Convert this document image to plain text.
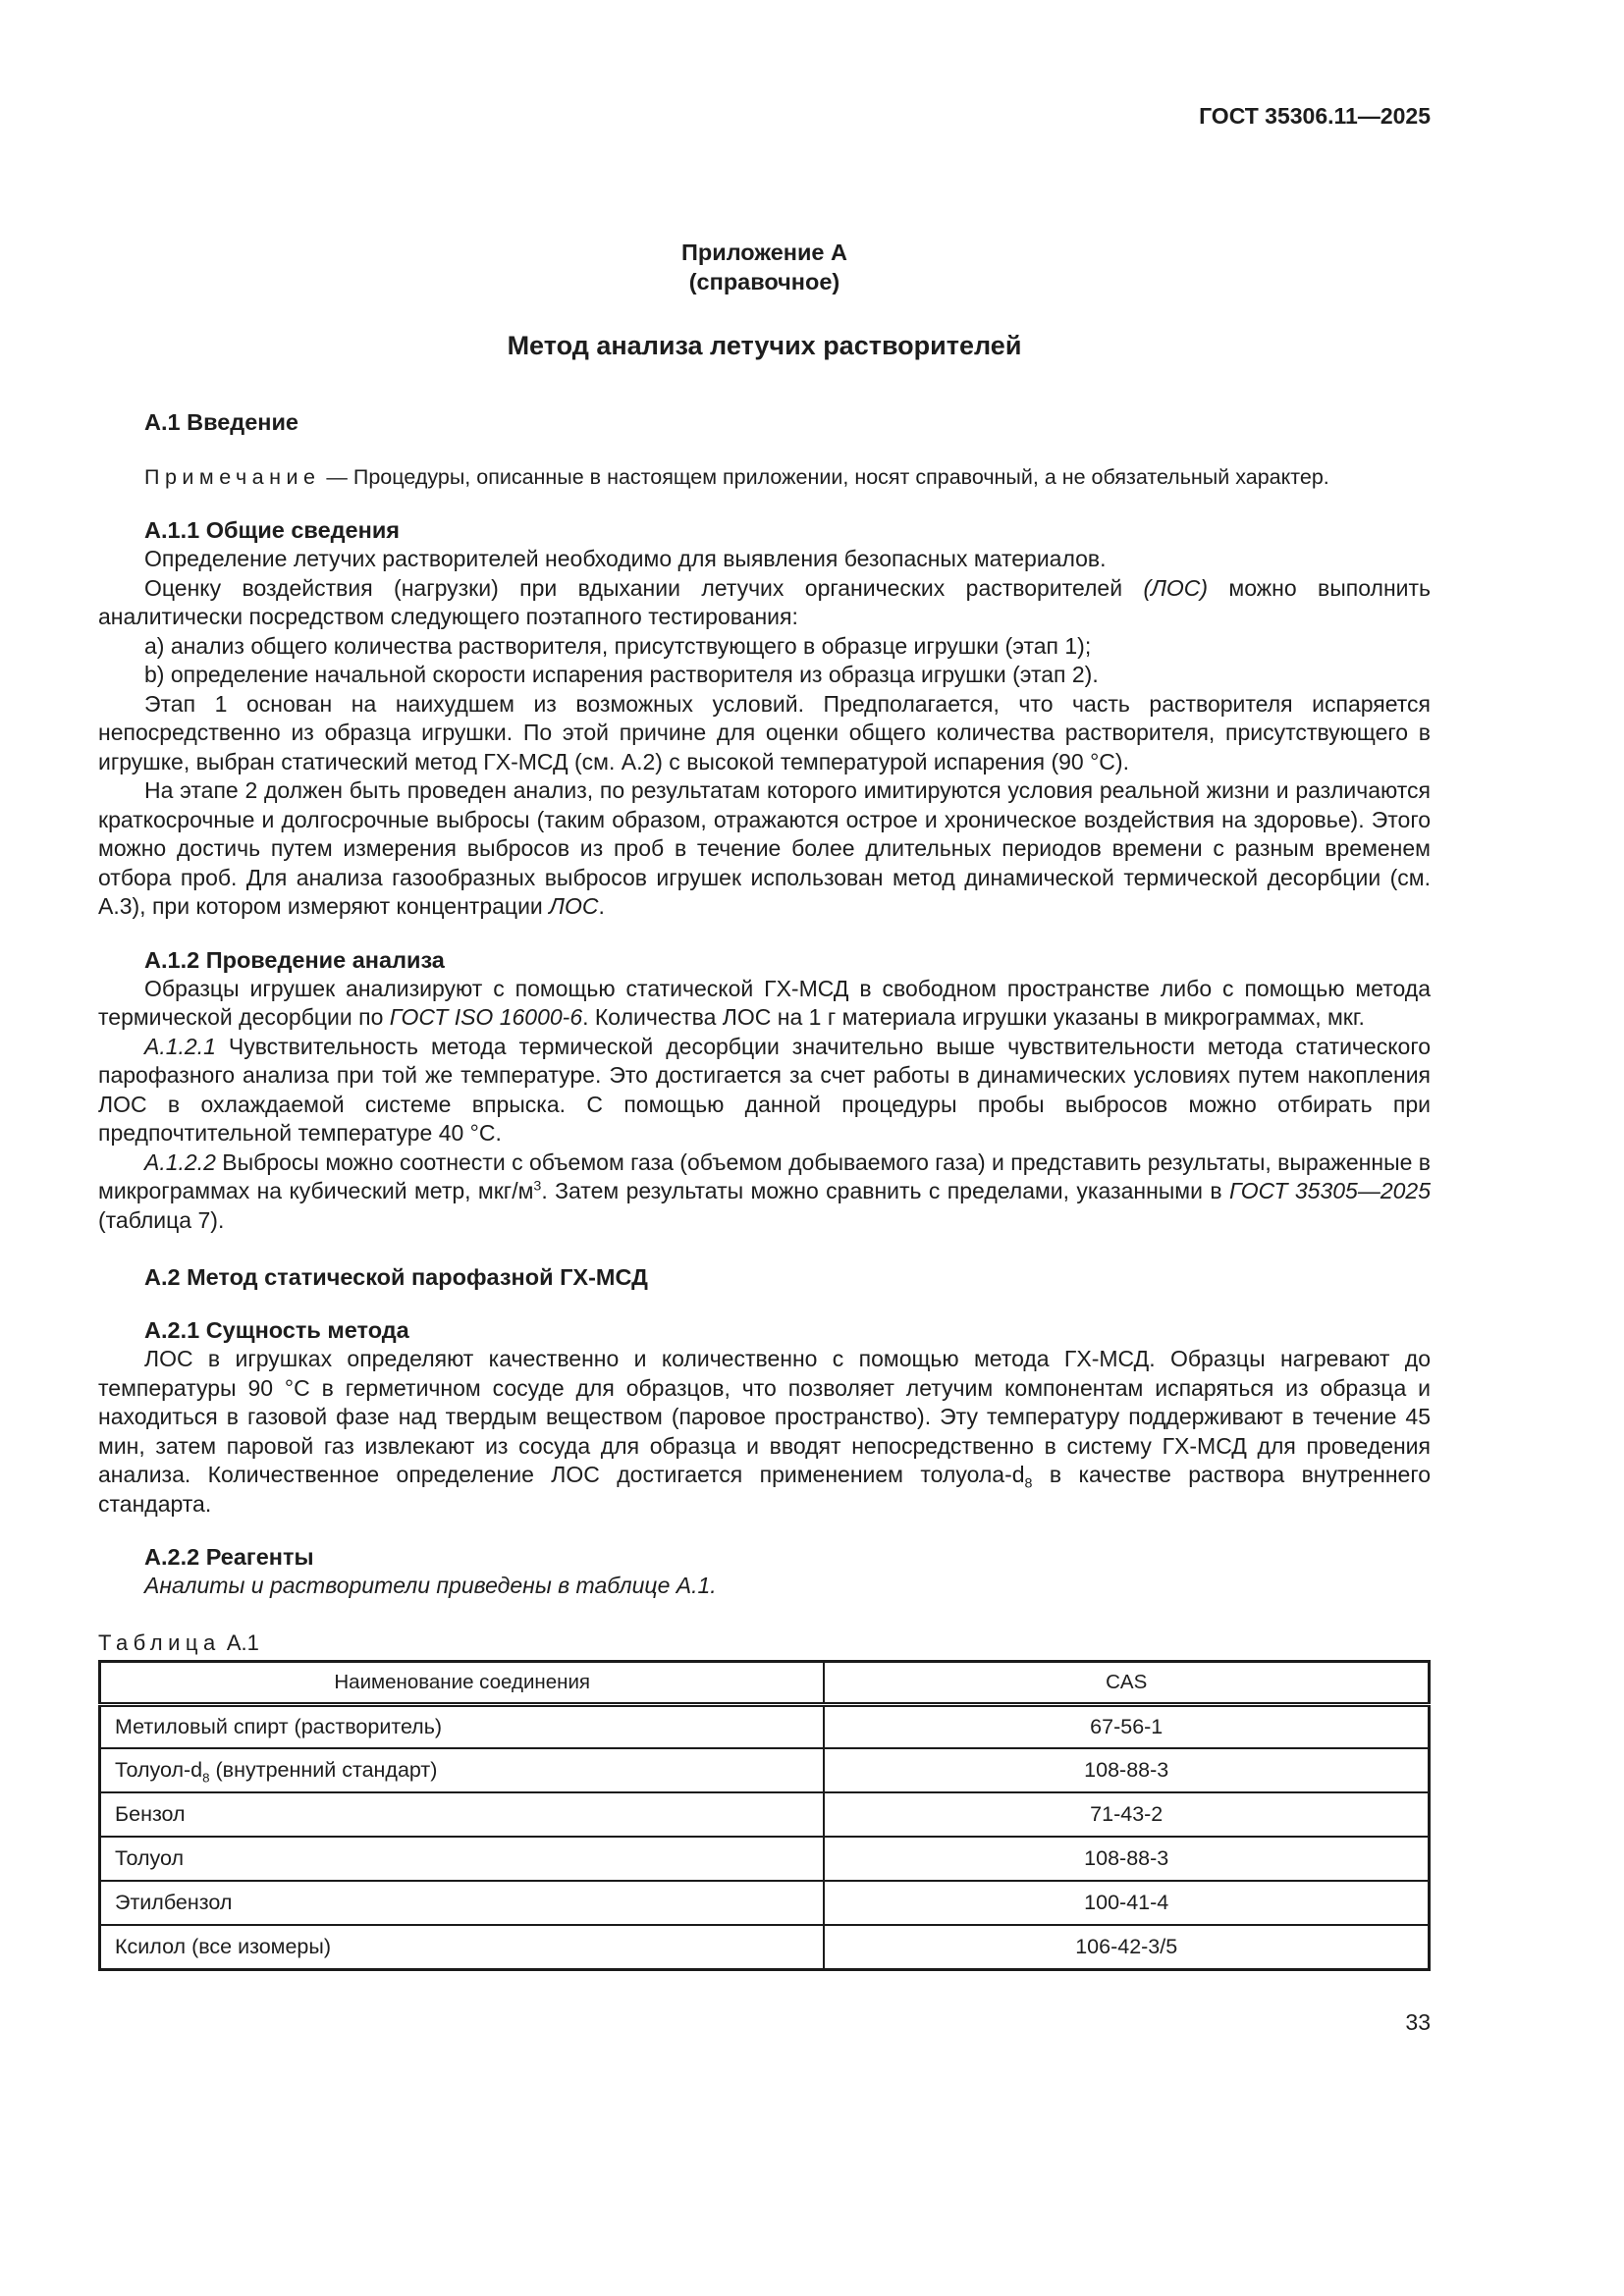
ГОСТ 35306.11—2025
Приложение А
(справочное)
Метод анализа летучих растворителей
А.1 Введение

Примечание — Процедуры, описанные в настоящем приложении, носят справочный, а не обязательный характер.

А.1.1 Общие сведения

Определение летучих растворителей необходимо для выявления безопасных материалов.

Оценку воздействия (нагрузки) при вдыхании летучих органических растворителей (ЛОС) можно выполнить аналитически посредством следующего поэтапного тестирования:

a) анализ общего количества растворителя, присутствующего в образце игрушки (этап 1);

b) определение начальной скорости испарения растворителя из образца игрушки (этап 2).

Этап 1 основан на наихудшем из возможных условий. Предполагается, что часть растворителя испаряется непосредственно из образца игрушки. По этой причине для оценки общего количества растворителя, присутствующего в игрушке, выбран статический метод ГХ-МСД (см. А.2) с высокой температурой испарения (90 °С).

На этапе 2 должен быть проведен анализ, по результатам которого имитируются условия реальной жизни и различаются краткосрочные и долгосрочные выбросы (таким образом, отражаются острое и хроническое воздействия на здоровье). Этого можно достичь путем измерения выбросов из проб в течение более длительных периодов времени с разным временем отбора проб. Для анализа газообразных выбросов игрушек использован метод динамической термической десорбции (см. А.3), при котором измеряют концентрации ЛОС.

А.1.2 Проведение анализа

Образцы игрушек анализируют с помощью статической ГХ-МСД в свободном пространстве либо с помощью метода термической десорбции по ГОСТ ISO 16000-6. Количества ЛОС на 1 г материала игрушки указаны в микрограммах, мкг.

А.1.2.1 Чувствительность метода термической десорбции значительно выше чувствительности метода статического парофазного анализа при той же температуре. Это достигается за счет работы в динамических условиях путем накопления ЛОС в охлаждаемой системе впрыска. С помощью данной процедуры пробы выбросов можно отбирать при предпочтительной температуре 40 °С.

А.1.2.2 Выбросы можно соотнести с объемом газа (объемом добываемого газа) и представить результаты, выраженные в микрограммах на кубический метр, мкг/$м^3$. Затем результаты можно сравнить с пределами, указанными в ГОСТ 35305—2025 (таблица 7).

А.2 Метод статической парофазной ГХ-МСД
А.2.1 Сущность метода

ЛОС в игрушках определяют качественно и количественно с помощью метода ГХ-МСД. Образцы нагревают до температуры 90 °С в герметичном сосуде для образцов, что позволяет летучим компонентам испаряться из образца и находиться в газовой фазе над твердым веществом (паровое пространство). Эту температуру поддерживают в течение 45 мин, затем паровой газ извлекают из сосуда для образца и вводят непосредственно в систему ГХ-МСД для проведения анализа. Количественное определение ЛОС достигается применением толуола-$d_8$ в качестве раствора внутреннего стандарта.

А.2.2 Реагенты

Аналиты и растворители приведены в таблице А.1.

Таблица А.1
Наименование соединения	CAS
Метиловый спирт (растворитель)	67-56-1
Толуол-$d_8$ (внутренний стандарт)	108-88-3
Бензол	71-43-2
Толуол	108-88-3
Этилбензол	100-41-4
Ксилол (все изомеры)	106-42-3/5
33
